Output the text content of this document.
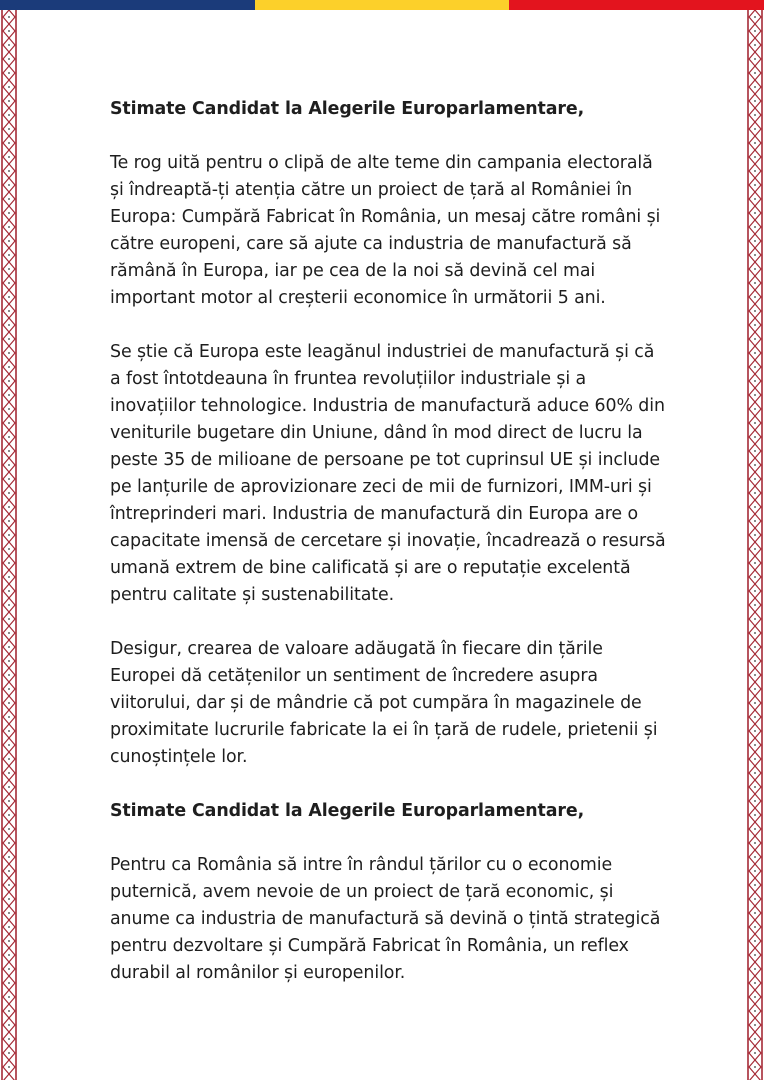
Stimate Candidat la Alegerile Europarlamentare,

Te rog uită pentru o clipă de alte teme din campania electorală și îndreaptă-ți atenția către un proiect de țară al României în Europa: Cumpără Fabricat în România, un mesaj către români și către europeni, care să ajute ca industria de manufactură să rămână în Europa, iar pe cea de la noi să devină cel mai important motor al creșterii economice în următorii 5 ani.

Se știe că Europa este leagănul industriei de manufactură și că a fost întotdeauna în fruntea revoluțiilor industriale și a inovațiilor tehnologice. Industria de manufactură aduce 60% din veniturile bugetare din Uniune, dând în mod direct de lucru la peste 35 de milioane de persoane pe tot cuprinsul UE și include pe lanțurile de aprovizionare zeci de mii de furnizori, IMM-uri și întreprinderi mari. Industria de manufactură din Europa are o capacitate imensă de cercetare și inovație, încadrează o resursă umană extrem de bine calificată și are o reputație excelentă pentru calitate și sustenabilitate.

Desigur, crearea de valoare adăugată în fiecare din țările Europei dă cetățenilor un sentiment de încredere asupra viitorului, dar și de mândrie că pot cumpăra în magazinele de proximitate lucrurile fabricate la ei în țară de rudele, prietenii și cunoștințele lor.

Stimate Candidat la Alegerile Europarlamentare,

Pentru ca România să intre în rândul țărilor cu o economie puternică, avem nevoie de un proiect de țară economic, și anume ca industria de manufactură să devină o țintă strategică pentru dezvoltare și Cumpără Fabricat în România, un reflex durabil al românilor și europenilor.
